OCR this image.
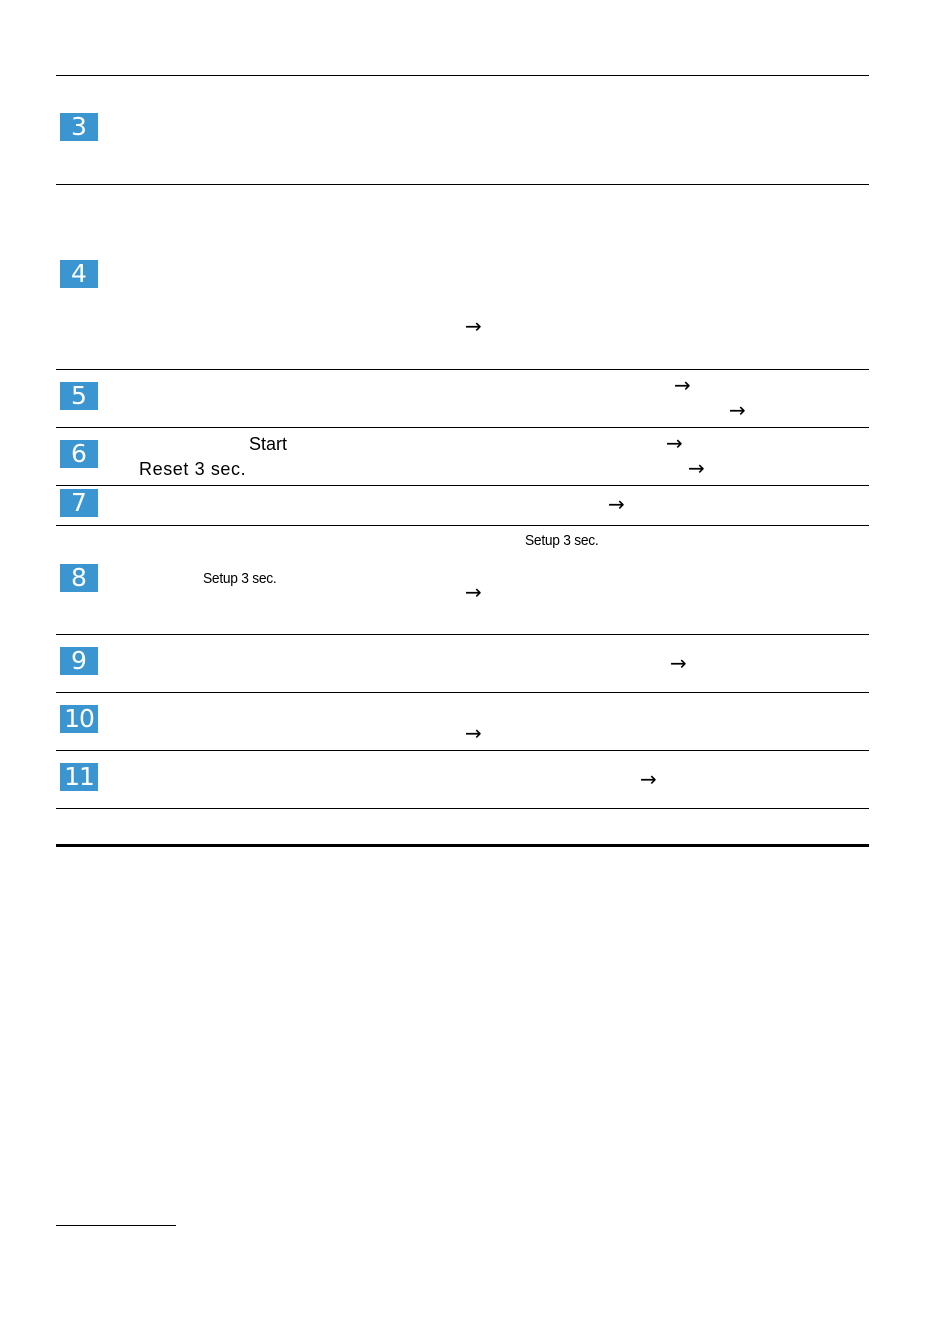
3
4
5
6
7
8
9
10
11
→
→
→
→
→
→
→
→
→
→
Start
Reset 3 sec.
Setup 3 sec.
Setup 3 sec.
